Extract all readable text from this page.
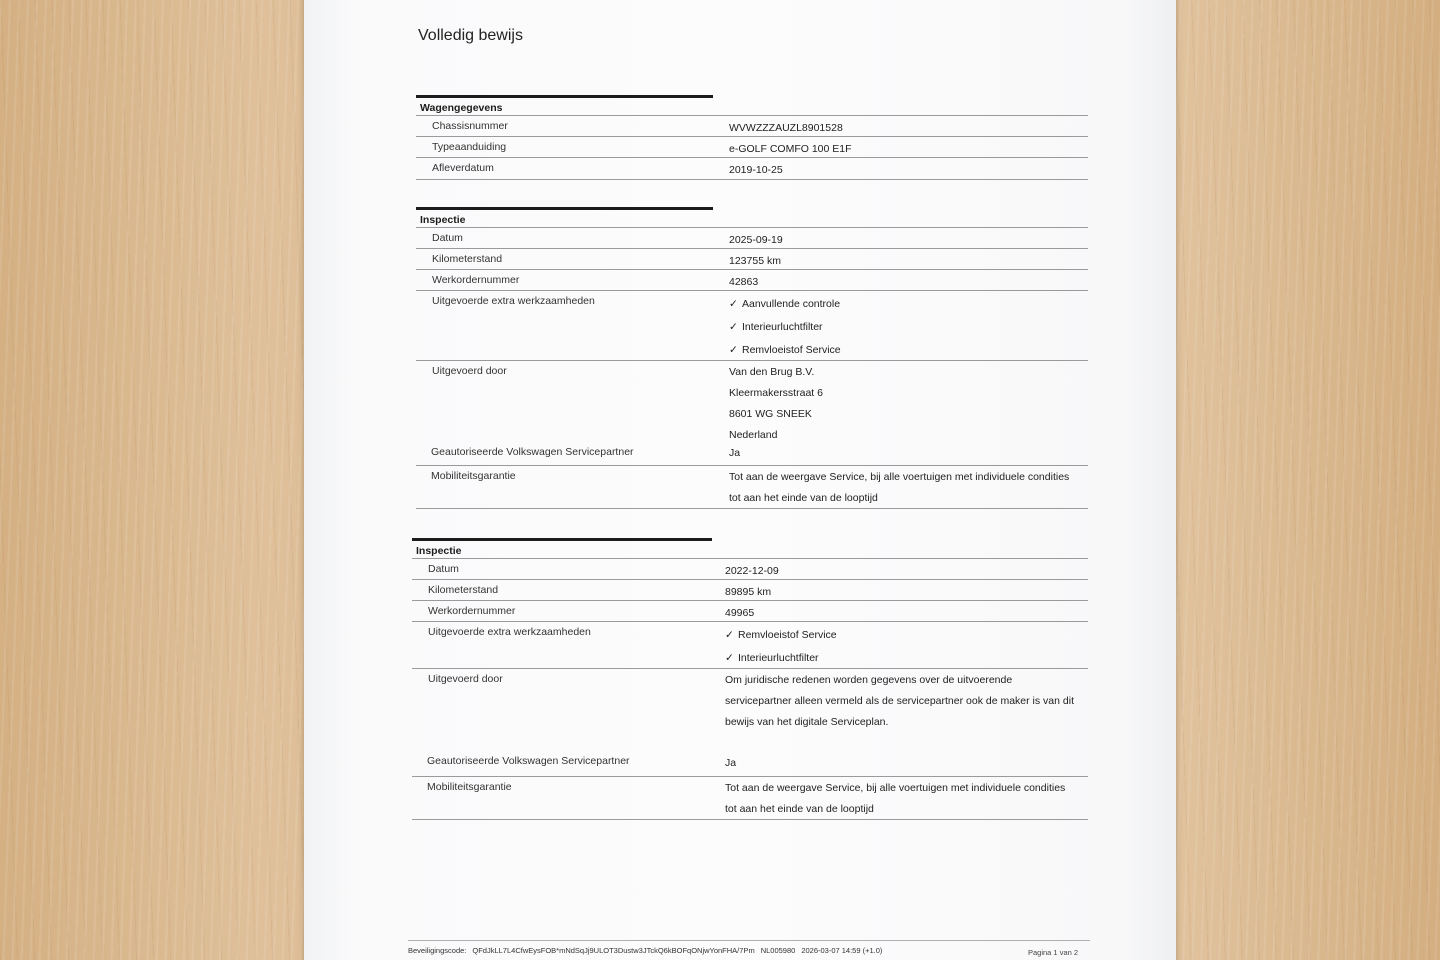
Volledig bewijs
Wagengegevens
Chassisnummer	WVWZZZAUZL8901528
Typeaanduiding	e-GOLF COMFO 100 E1F
Afleverdatum	2019-10-25
Inspectie
Datum	2025-09-19
Kilometerstand	123755 km
Werkordernummer	42863
Uitgevoerde extra werkzaamheden	✓ Aanvullende controle
✓ Interieurluchtfilter
✓ Remvloeistof Service
Uitgevoerd door	Van den Brug B.V.
Kleermakersstraat 6
8601 WG SNEEK
Nederland
Geautoriseerde Volkswagen Servicepartner	Ja
Mobiliteitsgarantie	Tot aan de weergave Service, bij alle voertuigen met individuele condities
tot aan het einde van de looptijd
Inspectie
Datum	2022-12-09
Kilometerstand	89895 km
Werkordernummer	49965
Uitgevoerde extra werkzaamheden	✓ Remvloeistof Service
✓ Interieurluchtfilter
Uitgevoerd door	Om juridische redenen worden gegevens over de uitvoerende
servicepartner alleen vermeld als de servicepartner ook de maker is van dit
bewijs van het digitale Serviceplan.
Geautoriseerde Volkswagen Servicepartner	Ja
Mobiliteitsgarantie	Tot aan de weergave Service, bij alle voertuigen met individuele condities
tot aan het einde van de looptijd
Beveiligingscode: QFdJkLL7L4CfwEysFOB*mNdSqJj9ULOT3Dustw3JTckQ6kBOFqONjwYonFHA/7Pm NL005980 2026-03-07 14:59 (+1.0)	Pagina 1 van 2
